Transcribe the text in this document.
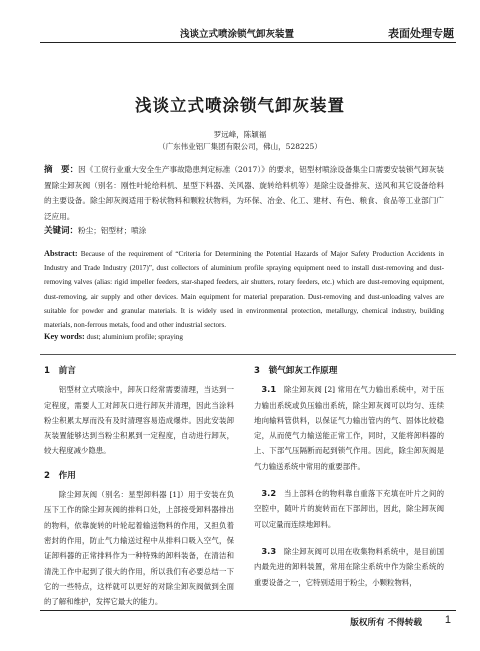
浅谈立式喷涂锁气卸灰装置	表面处理专题
浅谈立式喷涂锁气卸灰装置
罗远峰，陈颖福
（广东伟业铝厂集团有限公司，佛山，528225）
摘　要：因《工贸行业重大安全生产事故隐患判定标准（2017）》的要求，铝型材喷涂设备集尘口需要安装锁气卸灰装置除尘卸灰阀（别名：刚性叶轮给料机、星型下料器、关风器、旋转给料机等）是除尘设备排灰、送风和其它设备给料的主要设备。除尘卸灰阀适用于粉状物料和颗粒状物料，为环保、冶金、化工、建材、有色、粮食、食品等工业部门广泛应用。
关键词：粉尘；铝型材；喷涂
Abstract: Because of the requirement of “Criteria for Determining the Potential Hazards of Major Safety Production Accidents in Industry and Trade Industry (2017)”, dust collectors of aluminium profile spraying equipment need to install dust-removing and dust-removing valves (alias: rigid impeller feeders, star-shaped feeders, air shutters, rotary feeders, etc.) which are dust-removing equipment, dust-removing, air supply and other devices. Main equipment for material preparation. Dust-removing and dust-unloading valves are suitable for powder and granular materials. It is widely used in environmental protection, metallurgy, chemical industry, building materials, non-ferrous metals, food and other industrial sectors.
Key words: dust; aluminium profile; spraying

1　 前言

铝型材立式喷涂中，卸灰口经常需要清理，当达到一定程度，需要人工对卸灰口进行卸灰并清理，因此当涂料粉尘积累太厚而没有及时清理容易造成爆炸。因此安装卸灰装置能够达到当粉尘积累到一定程度，自动进行卸灰，较大程度减少隐患。

2　 作用

除尘卸灰阀（别名：星型卸料器 [1]）用于安装在负压下工作的除尘卸灰阀的排料口处，上部接受卸料器排出的物料，依靠旋转的叶轮起着输送物料的作用，又担负着密封的作用，防止气力输送过程中从排料口吸入空气，保证卸料器的正常排料作为一种特殊的卸料装备，在清洁和清洗工作中起到了很大的作用，所以我们有必要总结一下它的一些特点，这样就可以更好的对除尘卸灰阀做到全面的了解和维护，发挥它最大的能力。

3　 锁气卸灰工作原理

3.1　 除尘卸灰阀 [2] 常用在气力输出系统中，对于压力输出系统或负压输出系统，除尘卸灰阀可以均匀、连续地向输料管供料，以保证气力输出管内的气、固体比较稳定，从而使气力输送能正常工作，同时，又能将卸料器的上、下部气压隔断而起到锁气作用。因此，除尘卸灰阀是气力输送系统中常用的重要部件。

3.2　 当上部料仓的物料靠自重落下充填在叶片之间的空腔中，随叶片的旋转而在下部卸出，因此，除尘卸灰阀可以定量而连续地卸料。

3.3　 除尘卸灰阀可以用在收集物料系统中，是目前国内最先进的卸料装置，常用在除尘系统中作为除尘系统的重要设备之一，它特别适用于粉尘，小颗粒物料，

版权所有 不得转载 1
